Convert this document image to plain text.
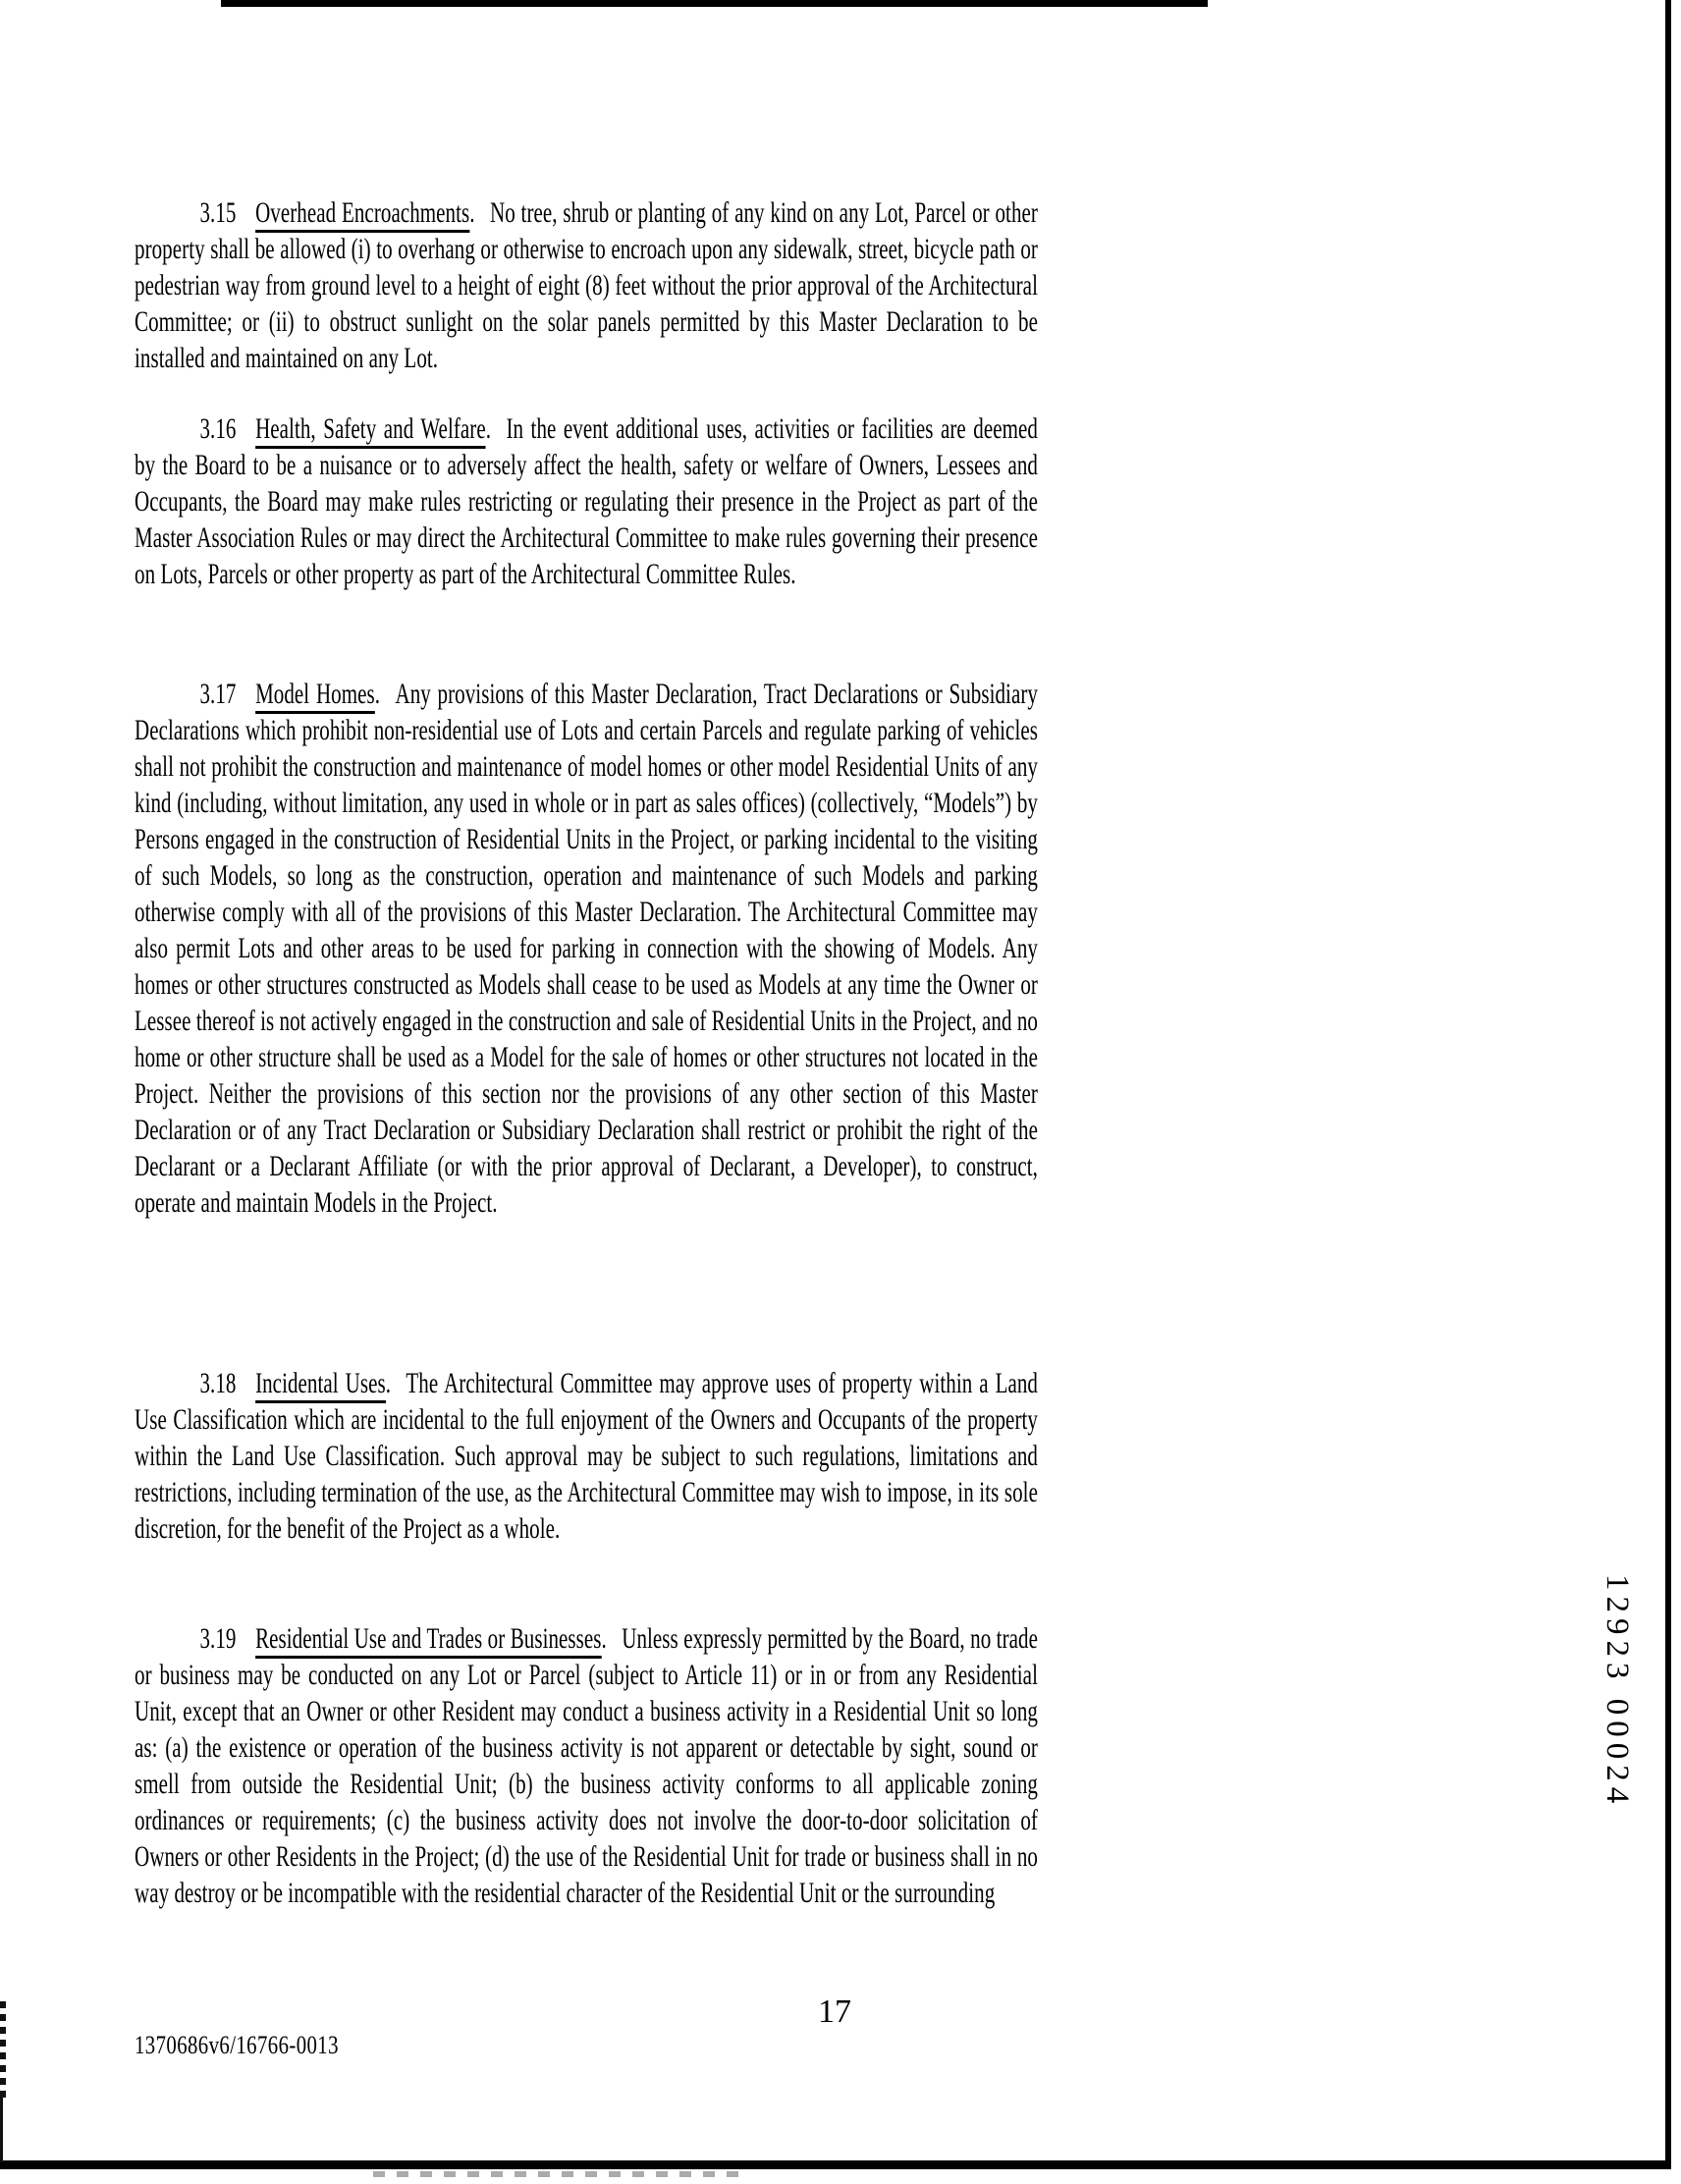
3.15 Overhead Encroachments. No tree, shrub or planting of any kind on any Lot, Parcel or other property shall be allowed (i) to overhang or otherwise to encroach upon any sidewalk, street, bicycle path or pedestrian way from ground level to a height of eight (8) feet without the prior approval of the Architectural Committee; or (ii) to obstruct sunlight on the solar panels permitted by this Master Declaration to be installed and maintained on any Lot.

3.16 Health, Safety and Welfare. In the event additional uses, activities or facilities are deemed by the Board to be a nuisance or to adversely affect the health, safety or welfare of Owners, Lessees and Occupants, the Board may make rules restricting or regulating their presence in the Project as part of the Master Association Rules or may direct the Architectural Committee to make rules governing their presence on Lots, Parcels or other property as part of the Architectural Committee Rules.

3.17 Model Homes. Any provisions of this Master Declaration, Tract Declarations or Subsidiary Declarations which prohibit non-residential use of Lots and certain Parcels and regulate parking of vehicles shall not prohibit the construction and maintenance of model homes or other model Residential Units of any kind (including, without limitation, any used in whole or in part as sales offices) (collectively, “Models”) by Persons engaged in the construction of Residential Units in the Project, or parking incidental to the visiting of such Models, so long as the construction, operation and maintenance of such Models and parking otherwise comply with all of the provisions of this Master Declaration. The Architectural Committee may also permit Lots and other areas to be used for parking in connection with the showing of Models. Any homes or other structures constructed as Models shall cease to be used as Models at any time the Owner or Lessee thereof is not actively engaged in the construction and sale of Residential Units in the Project, and no home or other structure shall be used as a Model for the sale of homes or other structures not located in the Project. Neither the provisions of this section nor the provisions of any other section of this Master Declaration or of any Tract Declaration or Subsidiary Declaration shall restrict or prohibit the right of the Declarant or a Declarant Affiliate (or with the prior approval of Declarant, a Developer), to construct, operate and maintain Models in the Project.

3.18 Incidental Uses. The Architectural Committee may approve uses of property within a Land Use Classification which are incidental to the full enjoyment of the Owners and Occupants of the property within the Land Use Classification. Such approval may be subject to such regulations, limitations and restrictions, including termination of the use, as the Architectural Committee may wish to impose, in its sole discretion, for the benefit of the Project as a whole.

3.19 Residential Use and Trades or Businesses. Unless expressly permitted by the Board, no trade or business may be conducted on any Lot or Parcel (subject to Article 11) or in or from any Residential Unit, except that an Owner or other Resident may conduct a business activity in a Residential Unit so long as: (a) the existence or operation of the business activity is not apparent or detectable by sight, sound or smell from outside the Residential Unit; (b) the business activity conforms to all applicable zoning ordinances or requirements; (c) the business activity does not involve the door-to-door solicitation of Owners or other Residents in the Project; (d) the use of the Residential Unit for trade or business shall in no way destroy or be incompatible with the residential character of the Residential Unit or the surrounding

17
1370686v6/16766-0013
12923 00024
